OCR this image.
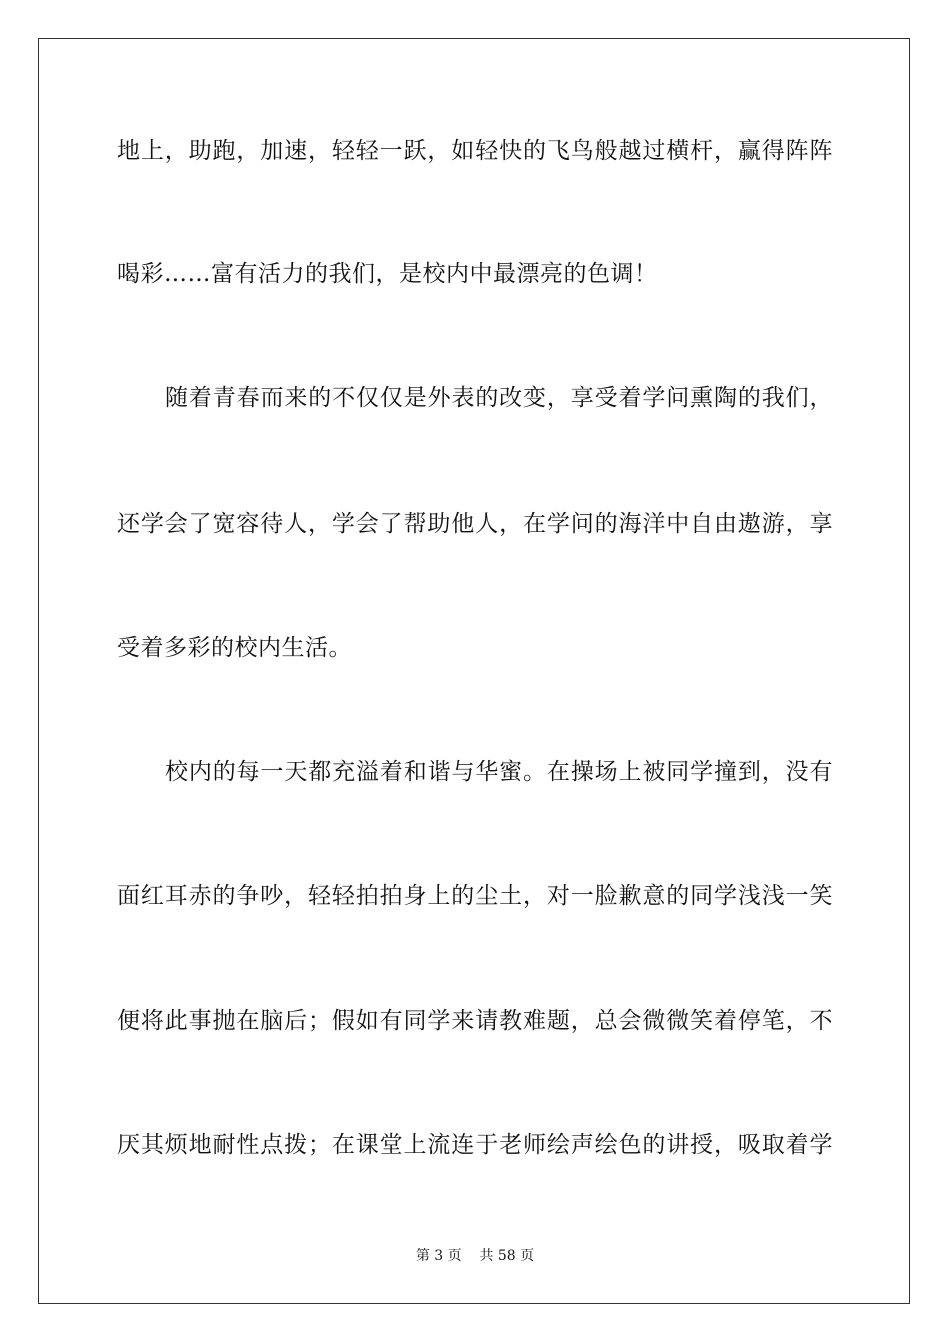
地上，助跑，加速，轻轻一跃，如轻快的飞鸟般越过横杆，赢得阵阵
喝彩……富有活力的我们，是校内中最漂亮的色调！
随着青春而来的不仅仅是外表的改变，享受着学问熏陶的我们，
还学会了宽容待人，学会了帮助他人，在学问的海洋中自由遨游，享
受着多彩的校内生活。
校内的每一天都充溢着和谐与华蜜。在操场上被同学撞到，没有
面红耳赤的争吵，轻轻拍拍身上的尘土，对一脸歉意的同学浅浅一笑
便将此事抛在脑后；假如有同学来请教难题，总会微微笑着停笔，不
厌其烦地耐性点拨；在课堂上流连于老师绘声绘色的讲授，吸取着学
第 3 页 共 58 页
